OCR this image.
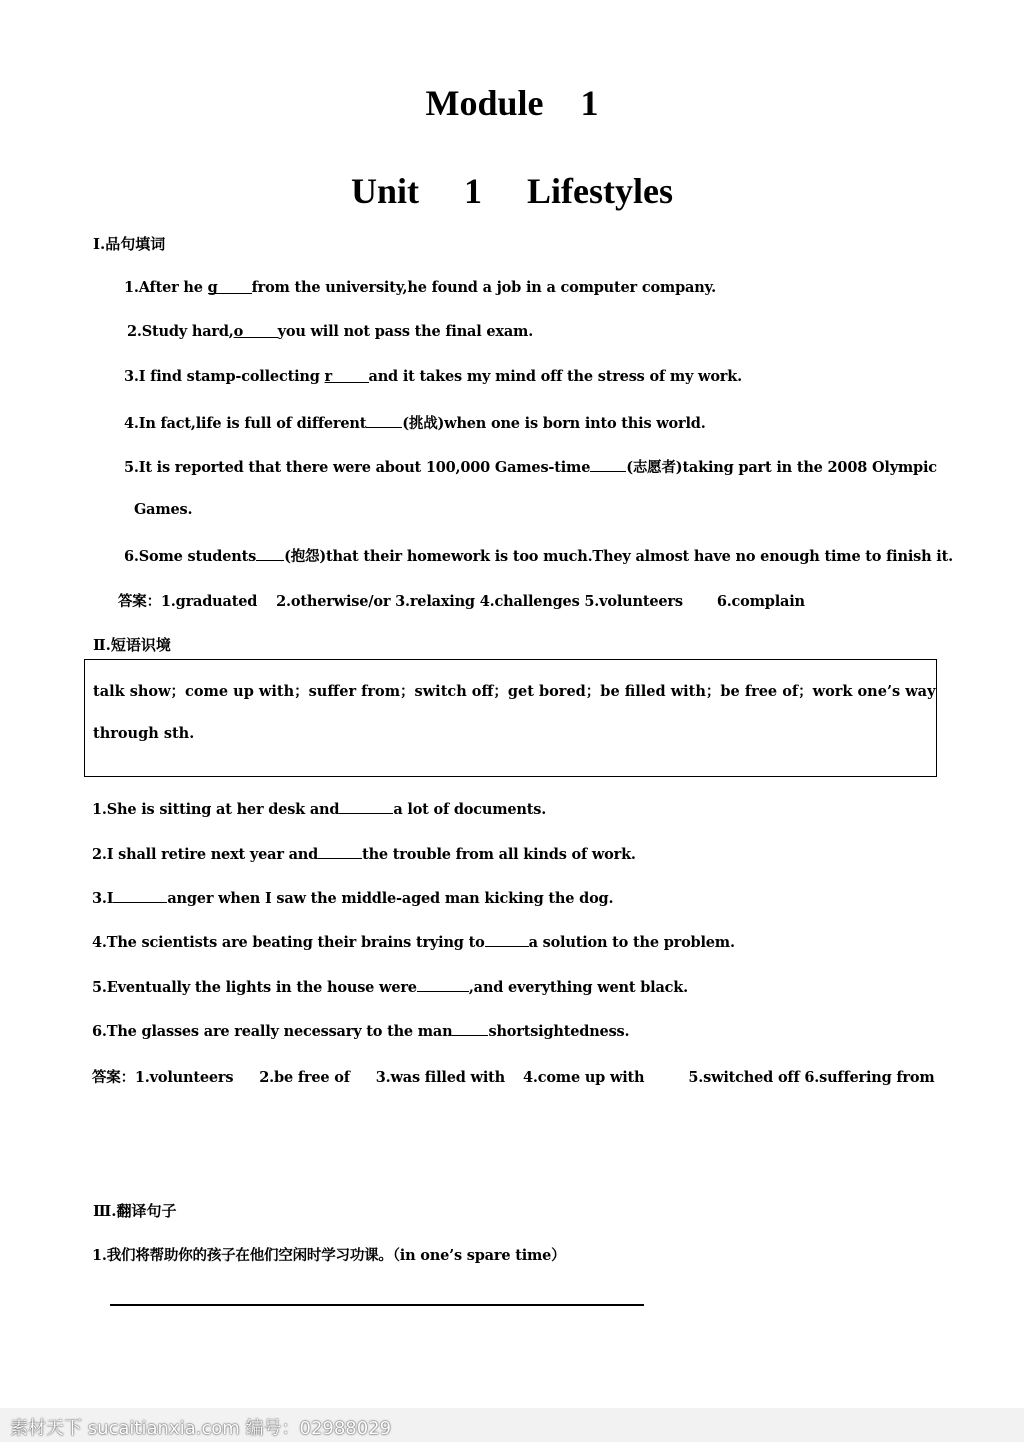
Module 1
Unit 1 Lifestyles
Ⅰ.品句填词
1.After he g from the university,he found a job in a computer company.
2.Study hard,o you will not pass the final exam.
3.I find stamp-collecting r	and it takes my mind off the stress of my work.
4.In fact,life is full of different (挑战)when one is born into this world.
5.It is reported that there were about 100,000 Games-time (志愿者)taking part in the 2008 Olympic
Games.
6.Some students (抱怨)that their homework is too much.They almost have no enough time to finish it.
答案：1.graduated 2.otherwise/or 3.relaxing 4.challenges 5.volunteers 6.complain
Ⅱ.短语识境
talk show；come up with；suffer from；switch off；get bored；be filled with；be free of；work one’s way
through sth.
1.She is sitting at her desk and	a lot of documents.
2.I shall retire next year and	the trouble from all kinds of work.
3.I	anger when I saw the middle-aged man kicking the dog.
4.The scientists are beating their brains trying to	a solution to the problem.
5.Eventually the lights in the house were	,and everything went black.
6.The glasses are really necessary to the man shortsightedness.
答案：1.volunteers 2.be free of 3.was filled with 4.come up with	5.switched off 6.suffering from
Ⅲ.翻译句子
1.我们将帮助你的孩子在他们空闲时学习功课。（in one’s spare time）
素材天下 sucaitianxia.com 编号：02988029
